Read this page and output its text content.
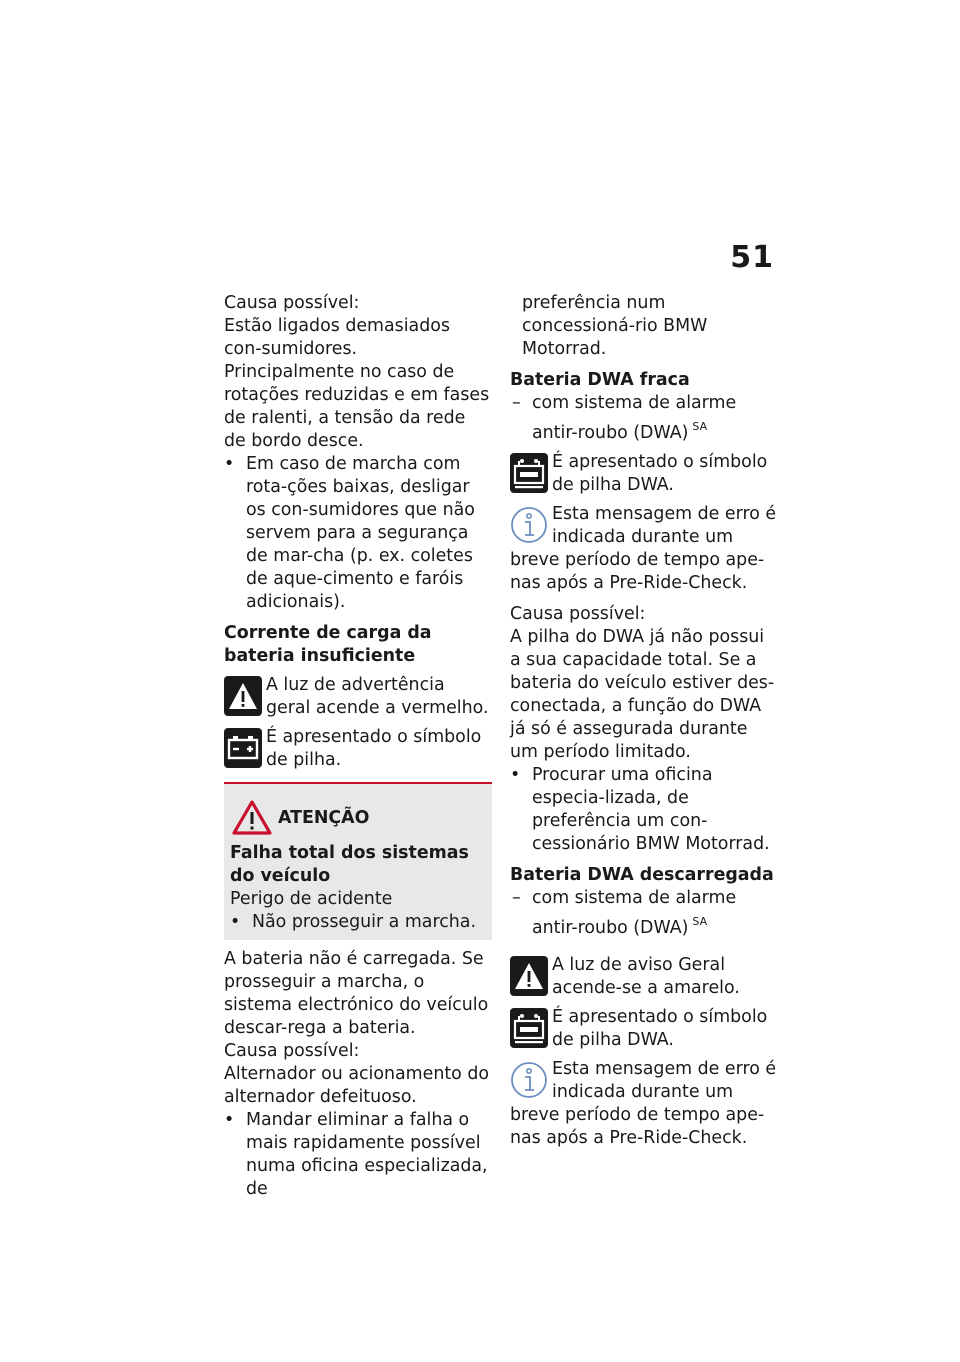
51

Causa possível:

Estão ligados demasiados con-sumidores. Principalmente no caso de rotações reduzidas e em fases de ralenti, a tensão da rede de bordo desce.

• Em caso de marcha com rota-ções baixas, desligar os con-sumidores que não servem para a segurança de mar-cha (p. ex. coletes de aque-cimento e faróis adicionais).

Corrente de carga da bateria insuficiente

A luz de advertência geral acende a vermelho.
É apresentado o símbolo de pilha.
ATENÇÃO

Falha total dos sistemas do veículo

Perigo de acidente

• Não prosseguir a marcha.

A bateria não é carregada. Se prosseguir a marcha, o sistema electrónico do veículo descar-rega a bateria.

Causa possível:

Alternador ou acionamento do alternador defeituoso.

• Mandar eliminar a falha o mais rapidamente possível numa oficina especializada, de

preferência num concessioná-rio BMW Motorrad.

Bateria DWA fraca

– com sistema de alarme antir-roubo (DWA) $^{SA}$
É apresentado o símbolo de pilha DWA.
Esta mensagem de erro é indicada durante um breve período de tempo ape-nas após a Pre-Ride-Check.

Causa possível:

A pilha do DWA já não possui a sua capacidade total. Se a bateria do veículo estiver des-conectada, a função do DWA já só é assegurada durante um período limitado.

• Procurar uma oficina especia-lizada, de preferência um con-cessionário BMW Motorrad.

Bateria DWA descarregada

– com sistema de alarme antir-roubo (DWA) $^{SA}$
A luz de aviso Geral acende-se a amarelo.
É apresentado o símbolo de pilha DWA.
Esta mensagem de erro é indicada durante um breve período de tempo ape-nas após a Pre-Ride-Check.
